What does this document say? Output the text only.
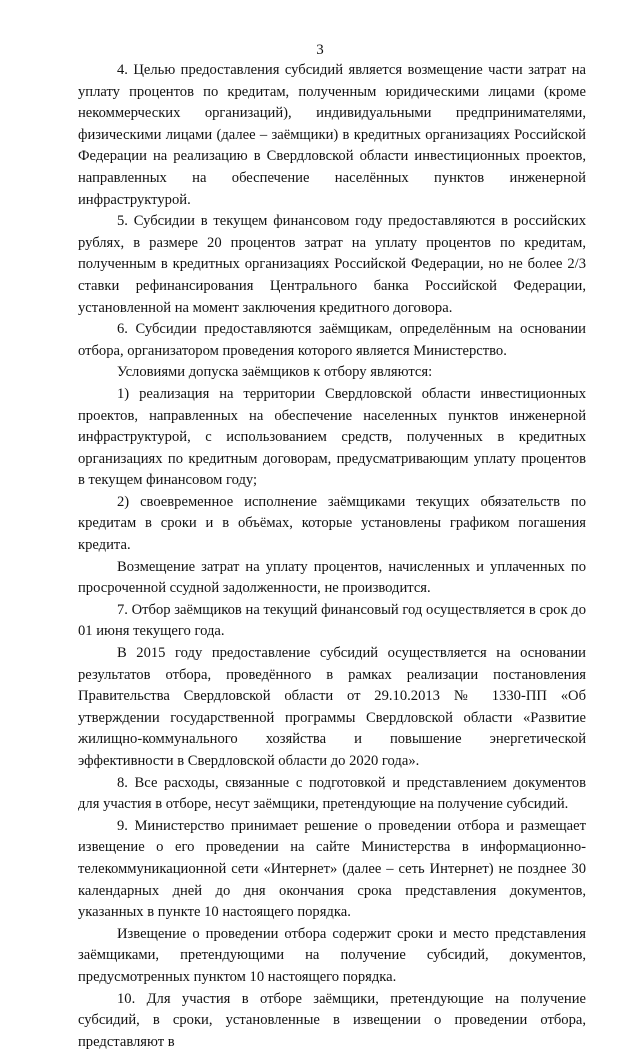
3

4. Целью предоставления субсидий является возмещение части затрат на уплату процентов по кредитам, полученным юридическими лицами (кроме некоммерческих организаций), индивидуальными предпринимателями, физическими лицами (далее – заёмщики) в кредитных организациях Российской Федерации на реализацию в Свердловской области инвестиционных проектов, направленных на обеспечение населённых пунктов инженерной инфраструктурой.

5. Субсидии в текущем финансовом году предоставляются в российских рублях, в размере 20 процентов затрат на уплату процентов по кредитам, полученным в кредитных организациях Российской Федерации, но не более 2/3 ставки рефинансирования Центрального банка Российской Федерации, установленной на момент заключения кредитного договора.

6. Субсидии предоставляются заёмщикам, определённым на основании отбора, организатором проведения которого является Министерство.

Условиями допуска заёмщиков к отбору являются:

1) реализация на территории Свердловской области инвестиционных проектов, направленных на обеспечение населенных пунктов инженерной инфраструктурой, с использованием средств, полученных в кредитных организациях по кредитным договорам, предусматривающим уплату процентов в текущем финансовом году;

2) своевременное исполнение заёмщиками текущих обязательств по кредитам в сроки и в объёмах, которые установлены графиком погашения кредита.

Возмещение затрат на уплату процентов, начисленных и уплаченных по просроченной ссудной задолженности, не производится.

7. Отбор заёмщиков на текущий финансовый год осуществляется в срок до 01 июня текущего года.

В 2015 году предоставление субсидий осуществляется на основании результатов отбора, проведённого в рамках реализации постановления Правительства Свердловской области от 29.10.2013 № 1330-ПП «Об утверждении государственной программы Свердловской области «Развитие жилищно-коммунального хозяйства и повышение энергетической эффективности в Свердловской области до 2020 года».

8. Все расходы, связанные с подготовкой и представлением документов для участия в отборе, несут заёмщики, претендующие на получение субсидий.

9. Министерство принимает решение о проведении отбора и размещает извещение о его проведении на сайте Министерства в информационно-телекоммуникационной сети «Интернет» (далее – сеть Интернет) не позднее 30 календарных дней до дня окончания срока представления документов, указанных в пункте 10 настоящего порядка.

Извещение о проведении отбора содержит сроки и место представления заёмщиками, претендующими на получение субсидий, документов, предусмотренных пунктом 10 настоящего порядка.

10. Для участия в отборе заёмщики, претендующие на получение субсидий, в сроки, установленные в извещении о проведении отбора, представляют в
